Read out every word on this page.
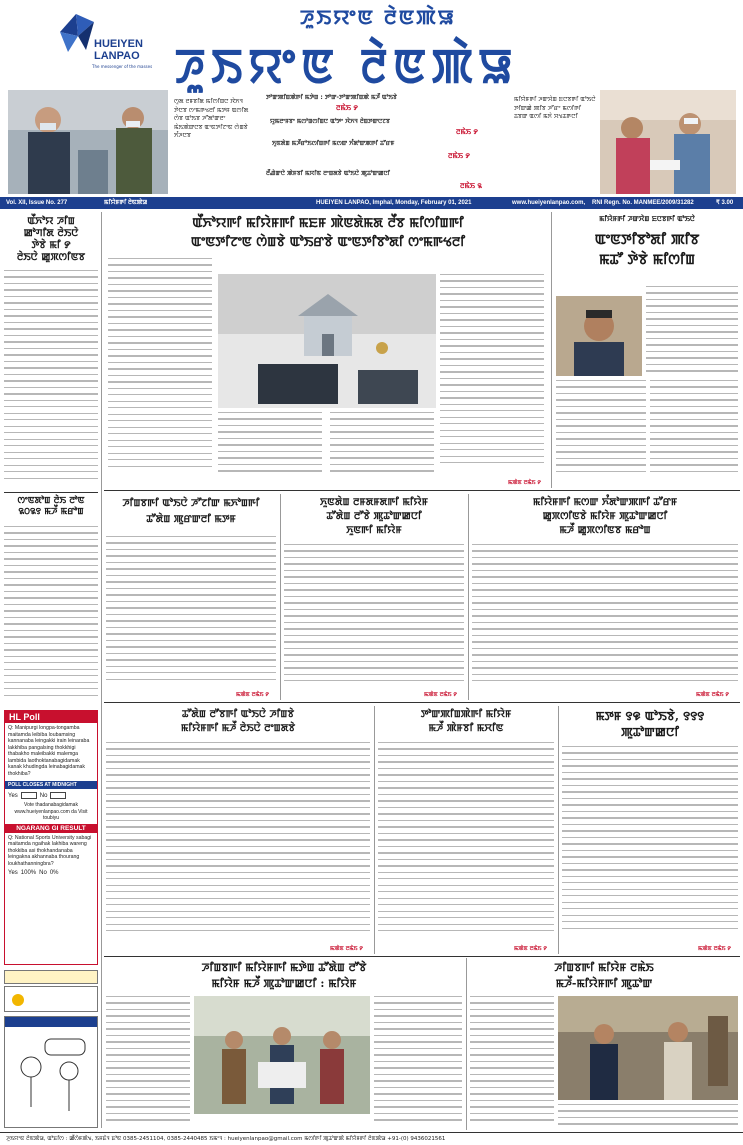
HUEIYEN
LANPAO
The messenger of the masses
ꯍꯨꯏꯌꯦꯟ ꯂꯥꯟꯄꯥꯎ
ꯍꯨꯏꯌꯦꯟ ꯂꯥꯟꯄꯥꯎ
ꯁꯨꯗ ꯂꯝꯕꯤꯗ ꯃꯤꯁꯤꯡꯅ ꯋꯥꯈꯜ ꯇꯥꯅꯕ ꯁꯦꯃꯒꯠꯂꯤ ꯃꯇꯝ ꯑꯁꯤꯗ ꯁꯥꯕ ꯑꯣꯏꯕ ꯍꯧꯗꯣꯛꯂꯦ ꯃꯥꯏꯄꯥꯛꯅꯕ ꯑꯦꯟꯇꯤꯖꯦꯟ ꯁꯥꯡꯕꯥ ꯈꯪꯍꯅꯕ
ꯇꯣꯛꯄꯤꯡꯄꯥꯒꯤ ꯃꯇꯥꯡ : ꯇꯣꯛ-ꯇꯣꯛꯄꯤꯡꯄꯥ ꯃꯍꯩ ꯑꯣꯏꯕꯥ
ꯂꯃꯥꯏ ꯸
ꯌꯨꯃꯂꯦꯝꯕꯦ ꯃꯁꯣꯡꯁꯤꯡꯅ ꯑꯣꯇꯦ ꯋꯥꯈꯜ ꯂꯥꯡꯇꯛꯅꯖꯕ
ꯂꯃꯥꯏ ꯸
ꯈꯨꯟꯗꯥꯡ ꯃꯍꯩꯔꯣꯏꯁꯤꯡꯒꯤ ꯃꯁꯛ ꯈꯪꯗꯣꯛꯄꯒꯤ ꯊꯧꯔꯝ
ꯂꯃꯥꯏ ꯸
ꯂꯩꯉꯥꯛꯅꯥ ꯄꯥꯝꯕꯤ ꯃꯆꯤꯟ ꯂꯦꯡꯗꯕꯥ ꯑꯣꯏꯅꯥ ꯄꯨꯊꯣꯛꯀꯅꯤ
ꯂꯃꯥꯏ ꯲
ꯃꯤꯌꯥꯝꯒꯤ ꯍꯛꯆꯥꯡ ꯐꯅꯕꯒꯤ ꯑꯣꯏꯅꯥ ꯇꯤꯛꯀꯥ ꯄꯤꯕ ꯍꯧꯔꯦ ꯃꯁꯤꯒꯤ ꯊꯕꯛ ꯑꯁꯤ ꯃꯈꯥ ꯆꯠꯊꯒꯅꯤ
Vol. XII, Issue No. 277	ꯃꯤꯌꯥꯝꯒꯤ ꯂꯥꯟꯄꯥꯎ	HUEIYEN LANPAO, Imphal, Monday, February 01, 2021	www.hueiyenlanpao.com, RNI Regn. No. MANMEE/2009/31282	₹ 3.00
ꯑꯩꯈꯣꯌ ꯍꯤꯡ
ꯀꯣꯚꯤꯗ ꯂꯥꯏꯅꯥ
ꯇꯥꯕꯥ ꯃꯤ ꯸
ꯂꯥꯏꯅꯥ ꯀꯨꯞꯁꯤꯟꯕ
ꯁꯦꯟꯗꯣꯡ ꯂꯥꯏ ꯂꯣꯟ
꯲꯰꯲꯱ ꯃꯍꯩ ꯃꯔꯣꯡ
HL Poll
Q: Manipurgi longpa-tongamba maitamda leibiba loubamsing kannanaba leingakki irain leinaraba lakkhiba pangalsing thokkhigi thabakho maleibakki malemga lambida laothoktanabagidamak kanak khudingda leinabagidamak thokhiba?
POLL CLOSES AT MIDNIGHT
Yes	No
Vote thadanabagidamak www.hueiyenlanpao.com da Visit toubiyu
NGARANG GI RESULT
Q: National Sports University sabagi maitamda ngaihak lakhiba wareng thokkiba asi thokhandanaba leingakna akhannaba thourang loukhathanningbra?
Yes 100% No 0%
ꯑꯩꯈꯣꯌꯒꯤ ꯃꯤꯌꯥꯝꯒꯤ ꯃꯐꯝ ꯄꯥꯟꯗꯥꯃꯗ ꯂꯩꯕ ꯃꯤꯁꯤꯡꯒꯤ
ꯑꯦꯟꯇꯤꯖꯦꯟ ꯁꯥꯡꯕꯥ ꯑꯣꯏꯔꯕꯥ ꯑꯦꯟꯇꯤꯕꯣꯗꯤ ꯁꯦꯃꯒꯠꯂꯤ
ꯃꯄꯥꯟ ꯂꯃꯥꯏ ꯸
ꯃꯤꯌꯥꯝꯒꯤ ꯍꯛꯆꯥꯡ ꯐꯅꯕꯒꯤ ꯑꯣꯏꯅꯥ
ꯑꯦꯟꯇꯤꯕꯣꯗꯤ ꯄꯤꯕ
ꯃꯊꯧ ꯇꯥꯕꯥ ꯃꯤꯁꯤꯡ
ꯍꯤꯡꯕꯒꯤ ꯑꯣꯏꯅꯥ ꯍꯧꯖꯤꯛ ꯃꯈꯣꯡꯒꯤ
ꯊꯧꯗꯥꯡ ꯄꯨꯔꯛꯂꯤ ꯃꯇꯝ
ꯃꯄꯥꯟ ꯂꯃꯥꯏ ꯸
ꯈꯨꯟꯗꯥꯡ ꯂꯝꯗꯝꯗꯒꯤ ꯃꯤꯌꯥꯝ
ꯊꯧꯗꯥꯡ ꯂꯧꯕꯥ ꯄꯨꯊꯣꯛꯀꯅꯤ
ꯈꯨꯟꯒꯤ ꯃꯤꯌꯥꯝ
ꯃꯄꯥꯟ ꯂꯃꯥꯏ ꯸
ꯃꯤꯌꯥꯝꯒꯤ ꯃꯁꯛ ꯈꯪꯗꯣꯛꯄꯒꯤ ꯊꯧꯔꯝ
ꯀꯨꯞꯁꯤꯟꯕꯥ ꯃꯤꯌꯥꯝ ꯄꯨꯊꯣꯛꯀꯅꯤ
ꯃꯍꯩ ꯀꯨꯞꯁꯤꯟꯕ ꯃꯔꯣꯡ
ꯃꯄꯥꯟ ꯂꯃꯥꯏ ꯸
ꯊꯧꯗꯥꯡ ꯂꯧꯕꯒꯤ ꯑꯣꯏꯅꯥ ꯍꯤꯡꯕꯥ
ꯃꯤꯌꯥꯝꯒꯤ ꯃꯍꯩ ꯂꯥꯏꯅꯥ ꯂꯦꯡꯗꯕꯥ
ꯃꯄꯥꯟ ꯂꯃꯥꯏ ꯸
ꯇꯣꯛꯄꯤꯡꯄꯥꯒꯤ ꯃꯤꯌꯥꯝ
ꯃꯍꯩ ꯄꯥꯝꯕꯤ ꯃꯆꯤꯟ
ꯃꯄꯥꯟ ꯂꯃꯥꯏ ꯸
ꯃꯇꯝ ꯱꯶ ꯑꯣꯏꯕꯥ, ꯱꯱꯱
ꯄꯨꯊꯣꯛꯀꯅꯤ
ꯃꯄꯥꯟ ꯂꯃꯥꯏ ꯸
ꯍꯤꯡꯕꯒꯤ ꯃꯤꯌꯥꯝꯒꯤ ꯃꯇꯥꯡ ꯊꯧꯗꯥꯡ ꯂꯧꯕꯥ
ꯃꯤꯌꯥꯝ ꯃꯍꯩ ꯄꯨꯊꯣꯛꯀꯅꯤ : ꯃꯤꯌꯥꯝ
ꯍꯤꯡꯕꯒꯤ ꯃꯤꯌꯥꯝ ꯂꯃꯥꯏ
ꯃꯍꯩ-ꯃꯤꯌꯥꯝꯒꯤ ꯄꯨꯊꯣꯛ
ꯍꯨꯏꯌꯦꯟ ꯂꯥꯟꯄꯥꯎ, ꯑꯣꯐꯤꯁ : ꯀꯩꯁꯥꯝꯄꯥꯠ, ꯏꯝꯐꯥꯜ ꯐꯣꯟ 0385-2451104, 0385-2440485 ꯏꯃꯦꯜ : hueiyenlanpao@gmail.com ꯃꯁꯤꯒꯤ ꯄꯨꯊꯣꯛꯄꯥ ꯃꯤꯌꯥꯝꯒꯤ ꯂꯥꯟꯄꯥꯎ +91-(0) 9436021561
